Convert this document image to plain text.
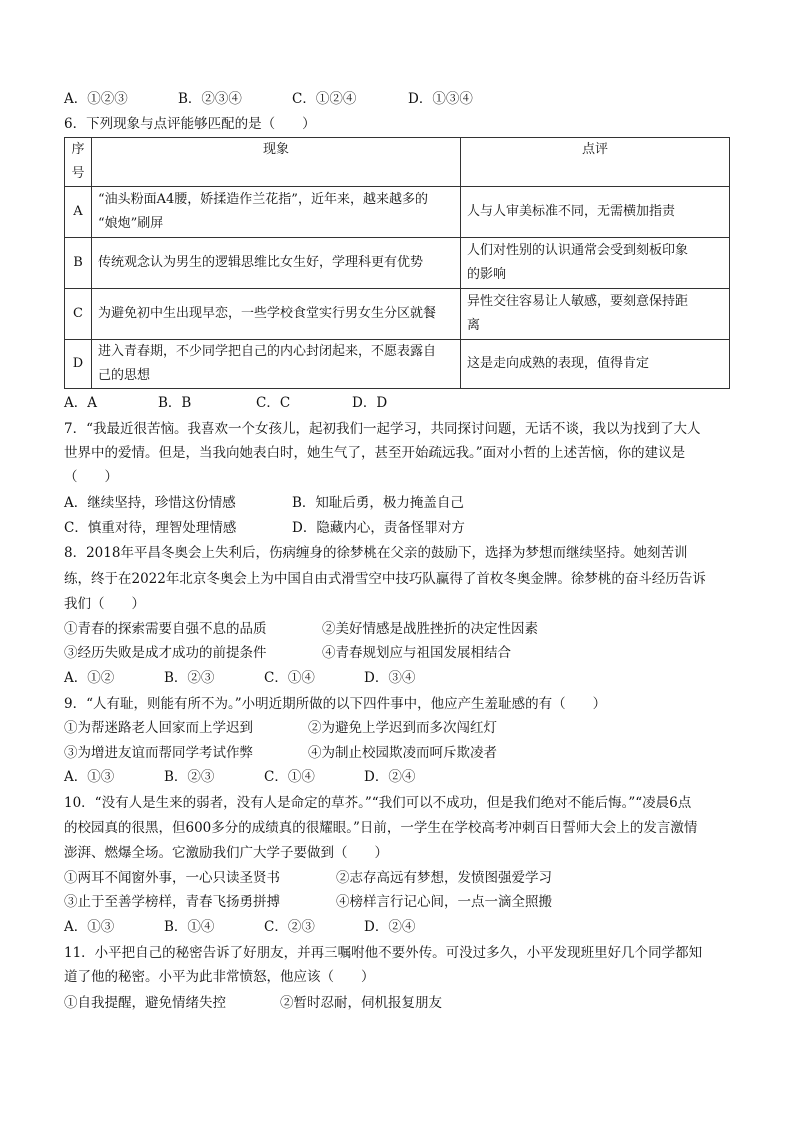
A．①②③	B．②③④	C．①②④	D．①③④
6．下列现象与点评能够匹配的是（　　）
序
号	现象	点评
A	“油头粉面A4腰，娇揉造作兰花指”，近年来，越来越多的
“娘炮”刷屏	人与人审美标准不同，无需横加指责

B	传统观念认为男生的逻辑思维比女生好，学理科更有优势	人们对性别的认识通常会受到刻板印象
的影响

C	为避免初中生出现早恋，一些学校食堂实行男女生分区就餐	异性交往容易让人敏感，要刻意保持距
离

D	进入青春期，不少同学把自己的内心封闭起来，不愿表露自
己的思想	这是走向成熟的表现，值得肯定
A．A	B．B	C．C	D．D
7．“我最近很苦恼。我喜欢一个女孩儿，起初我们一起学习，共同探讨问题，无话不谈，我以为找到了大人
世界中的爱情。但是，当我向她表白时，她生气了，甚至开始疏远我。”面对小哲的上述苦恼，你的建议是
（　　）
A．继续坚持，珍惜这份情感	B．知耻后勇，极力掩盖自己
C．慎重对待，理智处理情感	D．隐藏内心，责备怪罪对方
8．2018年平昌冬奥会上失利后，伤病缠身的徐梦桃在父亲的鼓励下，选择为梦想而继续坚持。她刻苦训
练，终于在2022年北京冬奥会上为中国自由式滑雪空中技巧队赢得了首枚冬奥金牌。徐梦桃的奋斗经历告诉
我们（　　）
①青春的探索需要自强不息的品质	②美好情感是战胜挫折的决定性因素
③经历失败是成才成功的前提条件	④青春规划应与祖国发展相结合
A．①②	B．②③	C．①④	D．③④
9．“人有耻，则能有所不为。”小明近期所做的以下四件事中，他应产生羞耻感的有（　　）
①为帮迷路老人回家而上学迟到	②为避免上学迟到而多次闯红灯
③为增进友谊而帮同学考试作弊	④为制止校园欺凌而呵斥欺凌者
A．①③	B．②③	C．①④	D．②④
10．“没有人是生来的弱者，没有人是命定的草芥。”“我们可以不成功，但是我们绝对不能后悔。”“凌晨6点
的校园真的很黑，但600多分的成绩真的很耀眼。”日前，一学生在学校高考冲刺百日誓师大会上的发言激情
澎湃、燃爆全场。它激励我们广大学子要做到（　　）
①两耳不闻窗外事，一心只读圣贤书	②志存高远有梦想，发愤图强爱学习
③止于至善学榜样，青春飞扬勇拼搏	④榜样言行记心间，一点一滴全照搬
A．①③	B．①④	C．②③	D．②④
11．小平把自己的秘密告诉了好朋友，并再三嘱咐他不要外传。可没过多久，小平发现班里好几个同学都知
道了他的秘密。小平为此非常愤怒，他应该（　　）
①自我提醒，避免情绪失控	②暂时忍耐，伺机报复朋友
